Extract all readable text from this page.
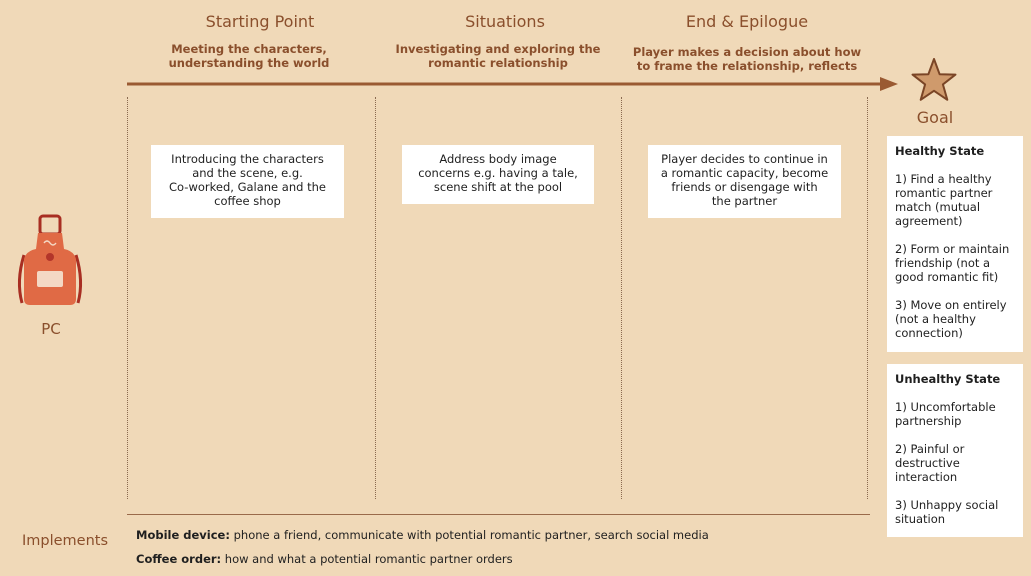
Starting Point	Situations	End & Epilogue
Meeting the characters,
understanding the world
Investigating and exploring the
romantic relationship
Player makes a decision about how
to frame the relationship, reflects
Goal
Introducing the characters
and the scene, e.g.
Co-worked, Galane and the
coffee shop
Address body image
concerns e.g. having a tale,
scene shift at the pool
Player decides to continue in
a romantic capacity, become
friends or disengage with
the partner
PC
Healthy State
1) Find a healthy
romantic partner
match (mutual
agreement)
2) Form or maintain
friendship (not a
good romantic fit)
3) Move on entirely
(not a healthy
connection)
Unhealthy State
1) Uncomfortable
partnership
2) Painful or
destructive
interaction
3) Unhappy social
situation
Implements Mobile device: phone a friend, communicate with potential romantic partner, search social media
Coffee order: how and what a potential romantic partner orders
